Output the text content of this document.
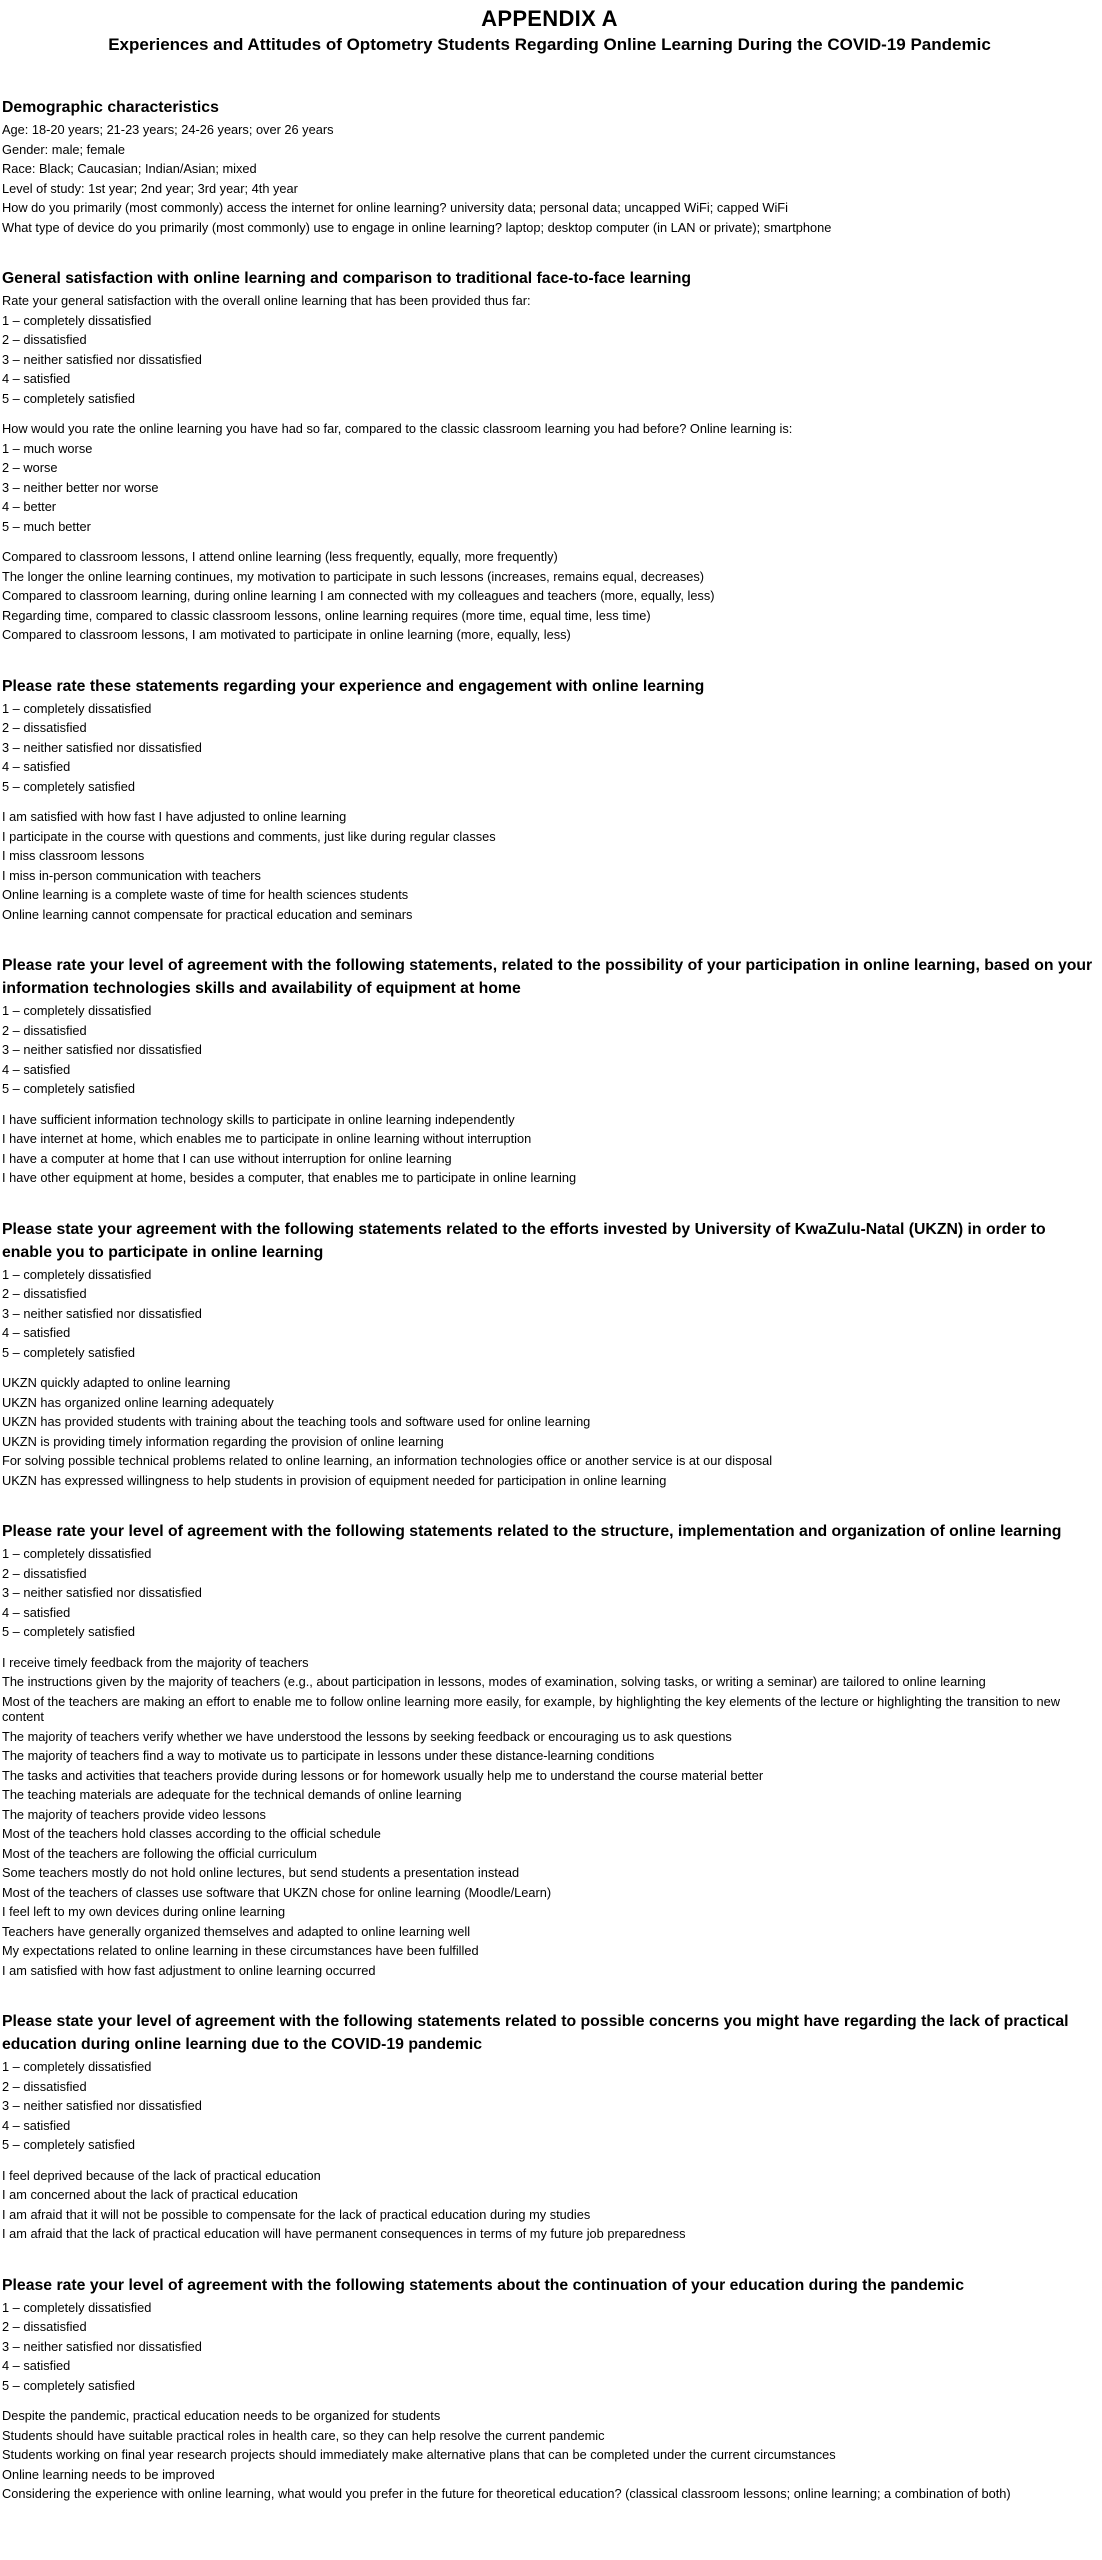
APPENDIX A
Experiences and Attitudes of Optometry Students Regarding Online Learning During the COVID-19 Pandemic
Demographic characteristics

Age: 18-20 years; 21-23 years; 24-26 years; over 26 years

Gender: male; female

Race: Black; Caucasian; Indian/Asian; mixed

Level of study: 1st year; 2nd year; 3rd year; 4th year

How do you primarily (most commonly) access the internet for online learning? university data; personal data; uncapped WiFi; capped WiFi

What type of device do you primarily (most commonly) use to engage in online learning? laptop; desktop computer (in LAN or private); smartphone

General satisfaction with online learning and comparison to traditional face-to-face learning

Rate your general satisfaction with the overall online learning that has been provided thus far:

1 – completely dissatisfied

2 – dissatisfied

3 – neither satisfied nor dissatisfied

4 – satisfied

5 – completely satisfied

How would you rate the online learning you have had so far, compared to the classic classroom learning you had before? Online learning is:

1 – much worse

2 – worse

3 – neither better nor worse

4 – better

5 – much better

Compared to classroom lessons, I attend online learning (less frequently, equally, more frequently)

The longer the online learning continues, my motivation to participate in such lessons (increases, remains equal, decreases)

Compared to classroom learning, during online learning I am connected with my colleagues and teachers (more, equally, less)

Regarding time, compared to classic classroom lessons, online learning requires (more time, equal time, less time)

Compared to classroom lessons, I am motivated to participate in online learning (more, equally, less)

Please rate these statements regarding your experience and engagement with online learning

1 – completely dissatisfied

2 – dissatisfied

3 – neither satisfied nor dissatisfied

4 – satisfied

5 – completely satisfied

I am satisfied with how fast I have adjusted to online learning

I participate in the course with questions and comments, just like during regular classes

I miss classroom lessons

I miss in-person communication with teachers

Online learning is a complete waste of time for health sciences students

Online learning cannot compensate for practical education and seminars

Please rate your level of agreement with the following statements, related to the possibility of your participation in online learning, based on your information technologies skills and availability of equipment at home

1 – completely dissatisfied

2 – dissatisfied

3 – neither satisfied nor dissatisfied

4 – satisfied

5 – completely satisfied

I have sufficient information technology skills to participate in online learning independently

I have internet at home, which enables me to participate in online learning without interruption

I have a computer at home that I can use without interruption for online learning

I have other equipment at home, besides a computer, that enables me to participate in online learning

Please state your agreement with the following statements related to the efforts invested by University of KwaZulu-Natal (UKZN) in order to enable you to participate in online learning

1 – completely dissatisfied

2 – dissatisfied

3 – neither satisfied nor dissatisfied

4 – satisfied

5 – completely satisfied

UKZN quickly adapted to online learning

UKZN has organized online learning adequately

UKZN has provided students with training about the teaching tools and software used for online learning

UKZN is providing timely information regarding the provision of online learning

For solving possible technical problems related to online learning, an information technologies office or another service is at our disposal

UKZN has expressed willingness to help students in provision of equipment needed for participation in online learning

Please rate your level of agreement with the following statements related to the structure, implementation and organization of online learning

1 – completely dissatisfied

2 – dissatisfied

3 – neither satisfied nor dissatisfied

4 – satisfied

5 – completely satisfied

I receive timely feedback from the majority of teachers

The instructions given by the majority of teachers (e.g., about participation in lessons, modes of examination, solving tasks, or writing a seminar) are tailored to online learning

Most of the teachers are making an effort to enable me to follow online learning more easily, for example, by highlighting the key elements of the lecture or highlighting the transition to new content

The majority of teachers verify whether we have understood the lessons by seeking feedback or encouraging us to ask questions

The majority of teachers find a way to motivate us to participate in lessons under these distance-learning conditions

The tasks and activities that teachers provide during lessons or for homework usually help me to understand the course material better

The teaching materials are adequate for the technical demands of online learning

The majority of teachers provide video lessons

Most of the teachers hold classes according to the official schedule

Most of the teachers are following the official curriculum

Some teachers mostly do not hold online lectures, but send students a presentation instead

Most of the teachers of classes use software that UKZN chose for online learning (Moodle/Learn)

I feel left to my own devices during online learning

Teachers have generally organized themselves and adapted to online learning well

My expectations related to online learning in these circumstances have been fulfilled

I am satisfied with how fast adjustment to online learning occurred

Please state your level of agreement with the following statements related to possible concerns you might have regarding the lack of practical education during online learning due to the COVID-19 pandemic

1 – completely dissatisfied

2 – dissatisfied

3 – neither satisfied nor dissatisfied

4 – satisfied

5 – completely satisfied

I feel deprived because of the lack of practical education

I am concerned about the lack of practical education

I am afraid that it will not be possible to compensate for the lack of practical education during my studies

I am afraid that the lack of practical education will have permanent consequences in terms of my future job preparedness

Please rate your level of agreement with the following statements about the continuation of your education during the pandemic

1 – completely dissatisfied

2 – dissatisfied

3 – neither satisfied nor dissatisfied

4 – satisfied

5 – completely satisfied

Despite the pandemic, practical education needs to be organized for students

Students should have suitable practical roles in health care, so they can help resolve the current pandemic

Students working on final year research projects should immediately make alternative plans that can be completed under the current circumstances

Online learning needs to be improved

Considering the experience with online learning, what would you prefer in the future for theoretical education? (classical classroom lessons; online learning; a combination of both)
